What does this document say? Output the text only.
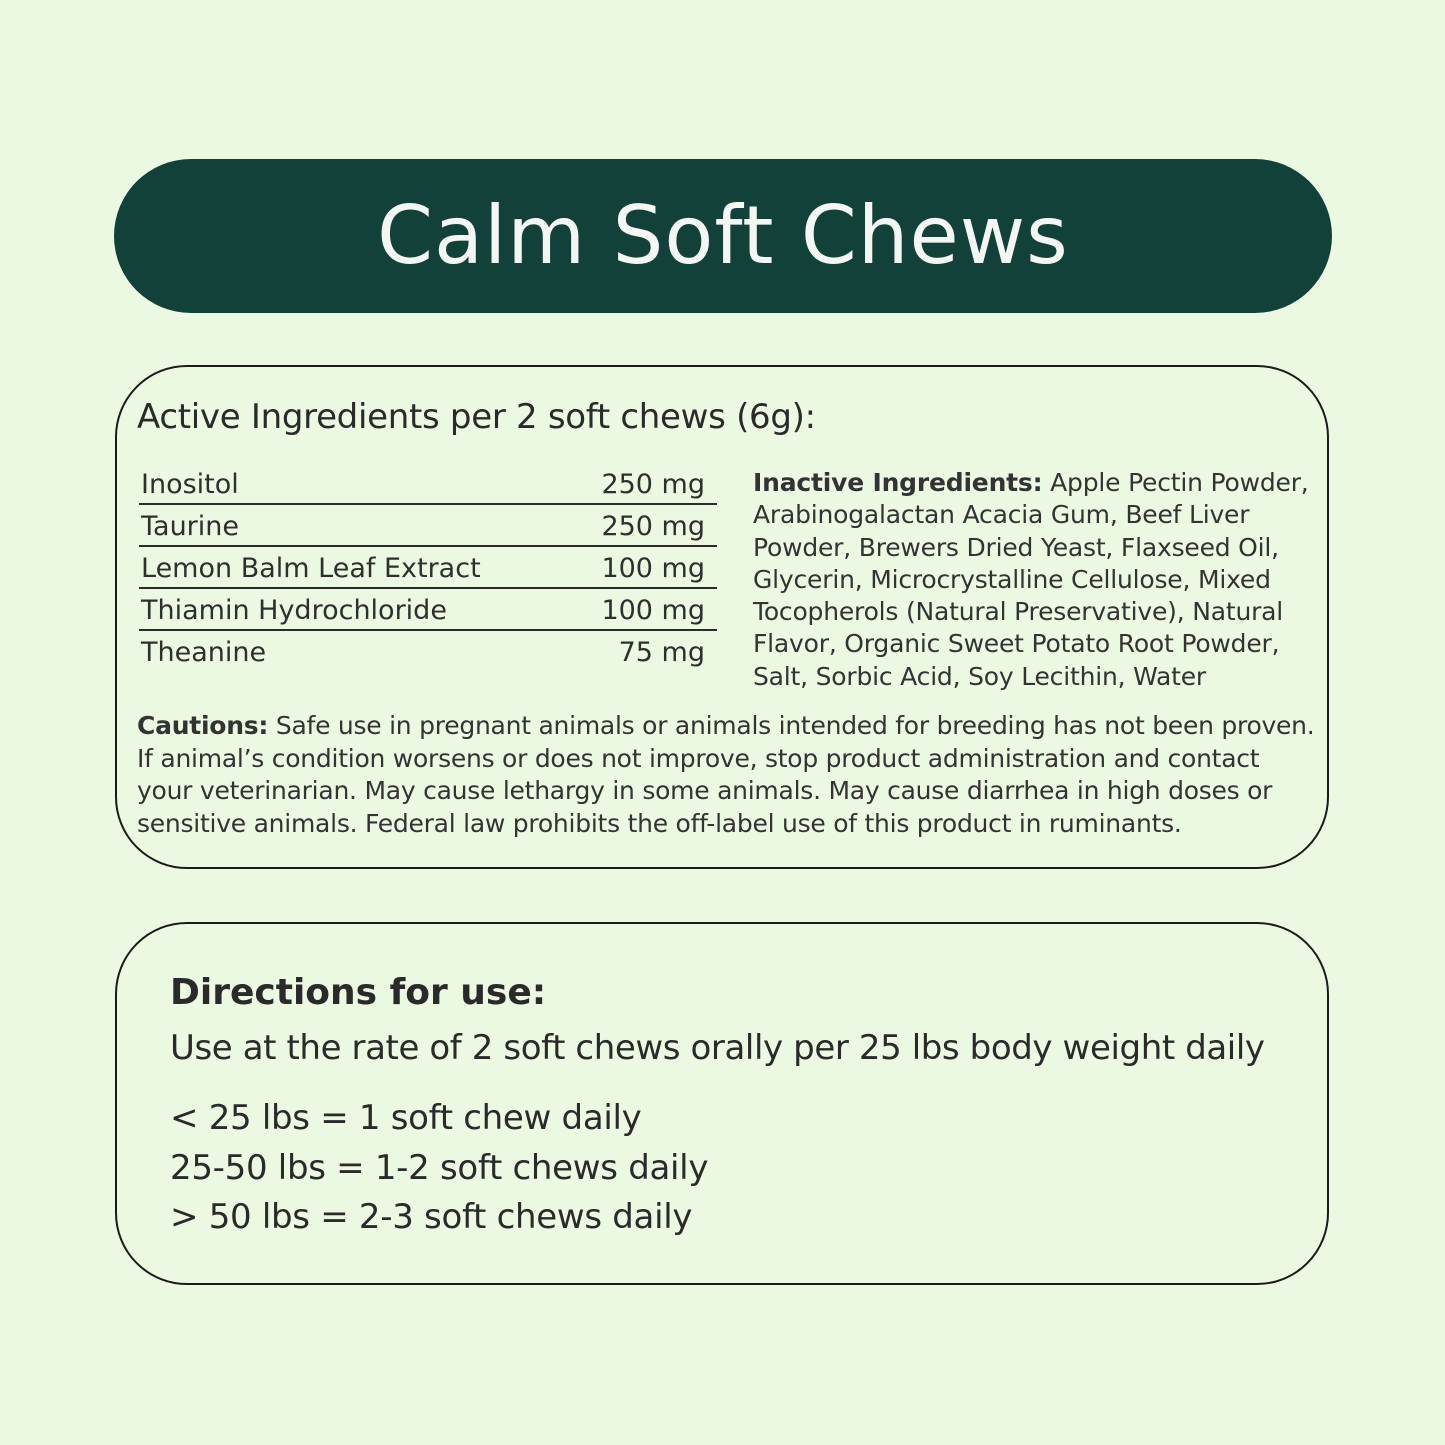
Calm Soft Chews
Active Ingredients per 2 soft chews (6g):
Inositol	250 mg
Taurine	250 mg
Lemon Balm Leaf Extract	100 mg
Thiamin Hydrochloride	100 mg
Theanine	75 mg
Inactive Ingredients: Apple Pectin Powder, Arabinogalactan Acacia Gum, Beef Liver Powder, Brewers Dried Yeast, Flaxseed Oil, Glycerin, Microcrystalline Cellulose, Mixed Tocopherols (Natural Preservative), Natural Flavor, Organic Sweet Potato Root Powder, Salt, Sorbic Acid, Soy Lecithin, Water
Cautions: Safe use in pregnant animals or animals intended for breeding has not been proven. If animal’s condition worsens or does not improve, stop product administration and contact your veterinarian. May cause lethargy in some animals. May cause diarrhea in high doses or sensitive animals. Federal law prohibits the off-label use of this product in ruminants.
Directions for use:
Use at the rate of 2 soft chews orally per 25 lbs body weight daily
< 25 lbs = 1 soft chew daily
25-50 lbs = 1-2 soft chews daily
> 50 lbs = 2-3 soft chews daily
